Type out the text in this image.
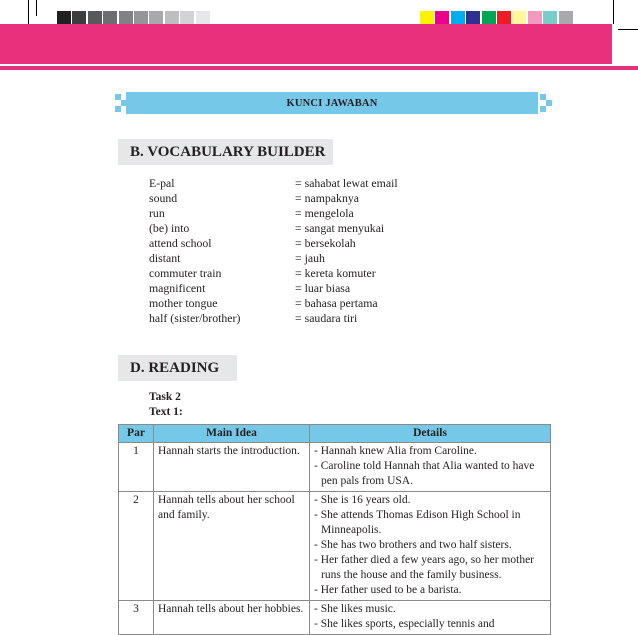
KUNCI JAWABAN
B. VOCABULARY BUILDER
E-pal	= sahabat lewat email
sound	= nampaknya
run	= mengelola
(be) into	= sangat menyukai
attend school	= bersekolah
distant	= jauh
commuter train	= kereta komuter
magnificent	= luar biasa
mother tongue	= bahasa pertama
half (sister/brother)	= saudara tiri
D. READING
Task 2
Text 1:
Par	Main Idea	Details
1	Hannah starts the introduction.	- Hannah knew Alia from Caroline.
- Caroline told Hannah that Alia wanted to have pen pals from USA.

2	Hannah tells about her school and family.	- She is 16 years old.
- She attends Thomas Edison High School in Minneapolis.
- She has two brothers and two half sisters.
- Her father died a few years ago, so her mother runs the house and the family business.
- Her father used to be a barista.

3	Hannah tells about her hobbies.	- She likes music.
- She likes sports, especially tennis and
